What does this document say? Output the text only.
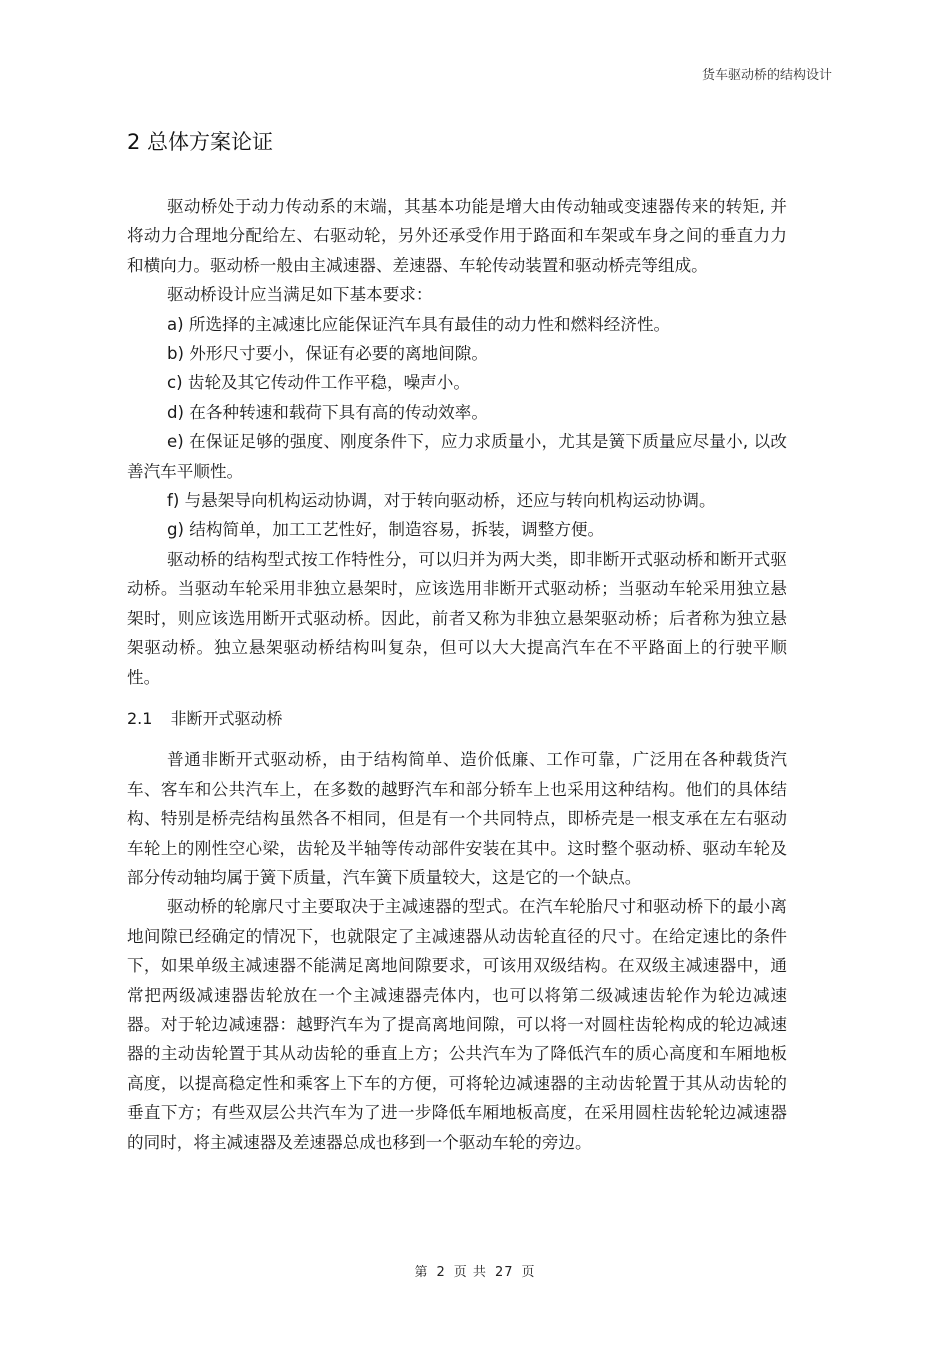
货车驱动桥的结构设计
2 总体方案论证

驱动桥处于动力传动系的末端，其基本功能是增大由传动轴或变速器传来的转矩, 并将动力合理地分配给左、右驱动轮，另外还承受作用于路面和车架或车身之间的垂直力力和横向力。驱动桥一般由主减速器、差速器、车轮传动装置和驱动桥壳等组成。

驱动桥设计应当满足如下基本要求：

a) 所选择的主减速比应能保证汽车具有最佳的动力性和燃料经济性。

b) 外形尺寸要小，保证有必要的离地间隙。

c) 齿轮及其它传动件工作平稳，噪声小。

d) 在各种转速和载荷下具有高的传动效率。

e) 在保证足够的强度、刚度条件下，应力求质量小，尤其是簧下质量应尽量小, 以改善汽车平顺性。

f) 与悬架导向机构运动协调，对于转向驱动桥，还应与转向机构运动协调。

g) 结构简单，加工工艺性好，制造容易，拆装，调整方便。

驱动桥的结构型式按工作特性分，可以归并为两大类，即非断开式驱动桥和断开式驱动桥。当驱动车轮采用非独立悬架时，应该选用非断开式驱动桥；当驱动车轮采用独立悬架时，则应该选用断开式驱动桥。因此，前者又称为非独立悬架驱动桥；后者称为独立悬架驱动桥。独立悬架驱动桥结构叫复杂，但可以大大提高汽车在不平路面上的行驶平顺性。

2.1 非断开式驱动桥

普通非断开式驱动桥，由于结构简单、造价低廉、工作可靠，广泛用在各种载货汽车、客车和公共汽车上，在多数的越野汽车和部分轿车上也采用这种结构。他们的具体结构、特别是桥壳结构虽然各不相同，但是有一个共同特点，即桥壳是一根支承在左右驱动车轮上的刚性空心梁，齿轮及半轴等传动部件安装在其中。这时整个驱动桥、驱动车轮及部分传动轴均属于簧下质量，汽车簧下质量较大，这是它的一个缺点。

驱动桥的轮廓尺寸主要取决于主减速器的型式。在汽车轮胎尺寸和驱动桥下的最小离地间隙已经确定的情况下，也就限定了主减速器从动齿轮直径的尺寸。在给定速比的条件下，如果单级主减速器不能满足离地间隙要求，可该用双级结构。在双级主减速器中，通常把两级减速器齿轮放在一个主减速器壳体内，也可以将第二级减速齿轮作为轮边减速器。对于轮边减速器：越野汽车为了提高离地间隙，可以将一对圆柱齿轮构成的轮边减速器的主动齿轮置于其从动齿轮的垂直上方；公共汽车为了降低汽车的质心高度和车厢地板高度，以提高稳定性和乘客上下车的方便，可将轮边减速器的主动齿轮置于其从动齿轮的垂直下方；有些双层公共汽车为了进一步降低车厢地板高度，在采用圆柱齿轮轮边减速器的同时，将主减速器及差速器总成也移到一个驱动车轮的旁边。

第 2 页 共 27 页
